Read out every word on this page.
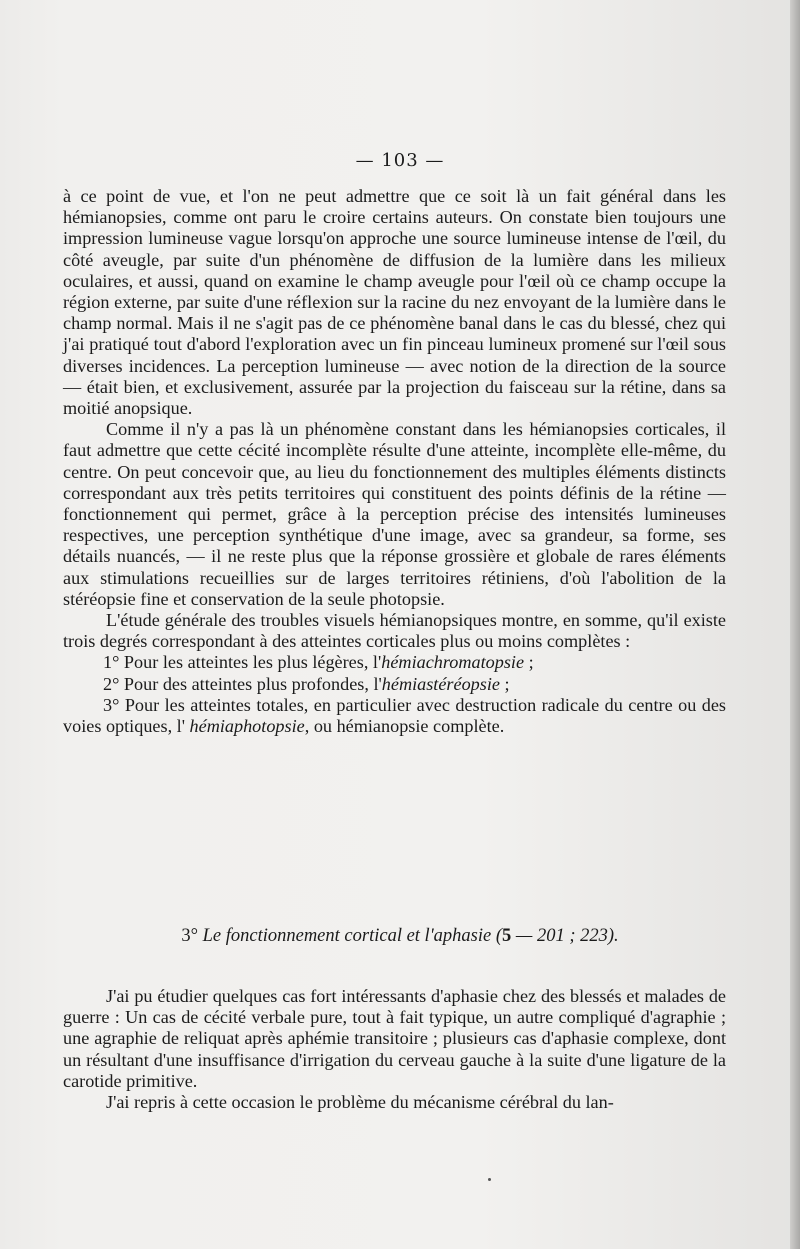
— 103 —

à ce point de vue, et l'on ne peut admettre que ce soit là un fait général dans les hémianopsies, comme ont paru le croire certains auteurs. On constate bien toujours une impression lumineuse vague lorsqu'on approche une source lumineuse intense de l'œil, du côté aveugle, par suite d'un phénomène de diffusion de la lumière dans les milieux oculaires, et aussi, quand on examine le champ aveugle pour l'œil où ce champ occupe la région externe, par suite d'une réflexion sur la racine du nez envoyant de la lumière dans le champ normal. Mais il ne s'agit pas de ce phénomène banal dans le cas du blessé, chez qui j'ai pratiqué tout d'abord l'exploration avec un fin pinceau lumineux promené sur l'œil sous diverses incidences. La perception lumineuse — avec notion de la direction de la source — était bien, et exclusivement, assurée par la projection du faisceau sur la rétine, dans sa moitié anopsique.

Comme il n'y a pas là un phénomène constant dans les hémianopsies corticales, il faut admettre que cette cécité incomplète résulte d'une atteinte, incomplète elle-même, du centre. On peut concevoir que, au lieu du fonctionnement des multiples éléments distincts correspondant aux très petits territoires qui constituent des points définis de la rétine — fonctionnement qui permet, grâce à la perception précise des intensités lumineuses respectives, une perception synthétique d'une image, avec sa grandeur, sa forme, ses détails nuancés, — il ne reste plus que la réponse grossière et globale de rares éléments aux stimulations recueillies sur de larges territoires rétiniens, d'où l'abolition de la stéréopsie fine et conservation de la seule photopsie.

L'étude générale des troubles visuels hémianopsiques montre, en somme, qu'il existe trois degrés correspondant à des atteintes corticales plus ou moins complètes :

1° Pour les atteintes les plus légères, l'hémiachromatopsie ;

2° Pour des atteintes plus profondes, l'hémiastéréopsie ;

3° Pour les atteintes totales, en particulier avec destruction radicale du centre ou des voies optiques, l' hémiaphotopsie, ou hémianopsie complète.

3° Le fonctionnement cortical et l'aphasie (5 — 201 ; 223).

J'ai pu étudier quelques cas fort intéressants d'aphasie chez des blessés et malades de guerre : Un cas de cécité verbale pure, tout à fait typique, un autre compliqué d'agraphie ; une agraphie de reliquat après aphémie transitoire ; plusieurs cas d'aphasie complexe, dont un résultant d'une insuffisance d'irrigation du cerveau gauche à la suite d'une ligature de la carotide primitive.

J'ai repris à cette occasion le problème du mécanisme cérébral du lan-
